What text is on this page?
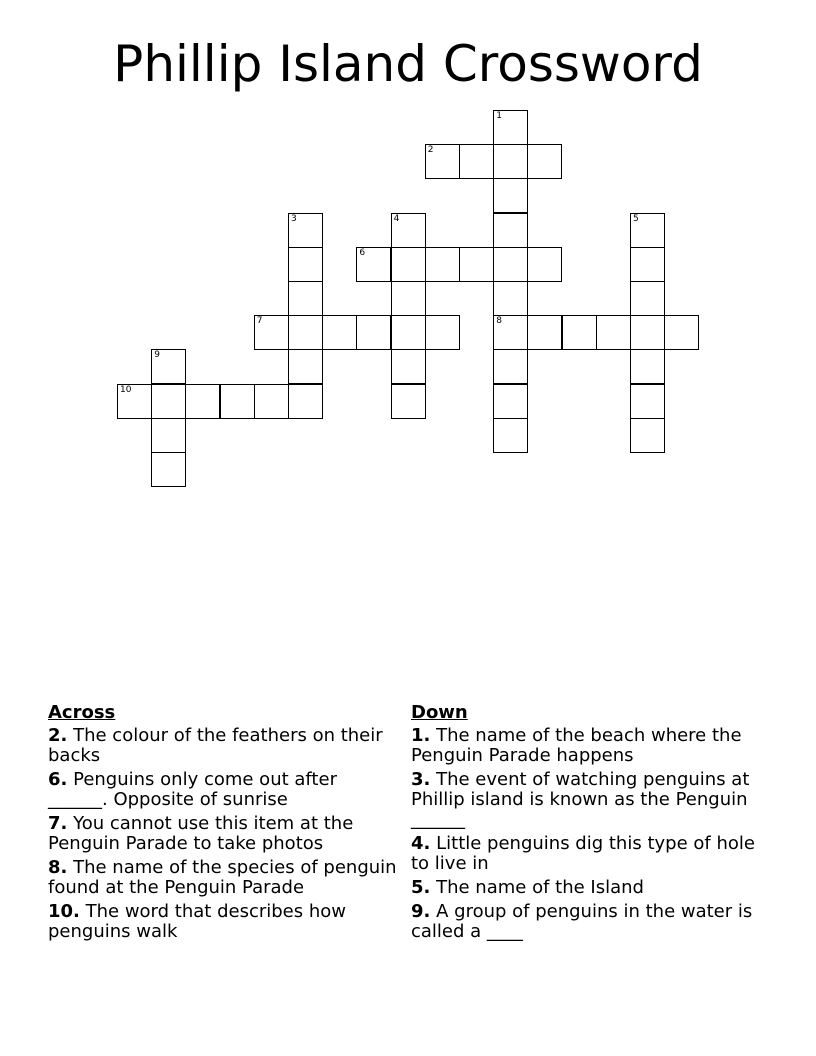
Phillip Island Crossword
1
2
3	4	5
6
7	8
9
10
Across
2. The colour of the feathers on their backs
6. Penguins only come out after ______. Opposite of sunrise
7. You cannot use this item at the Penguin Parade to take photos
8. The name of the species of penguin found at the Penguin Parade
10. The word that describes how penguins walk
Down
1. The name of the beach where the Penguin Parade happens
3. The event of watching penguins at Phillip island is known as the Penguin ______
4. Little penguins dig this type of hole to live in
5. The name of the Island
9. A group of penguins in the water is called a ____
